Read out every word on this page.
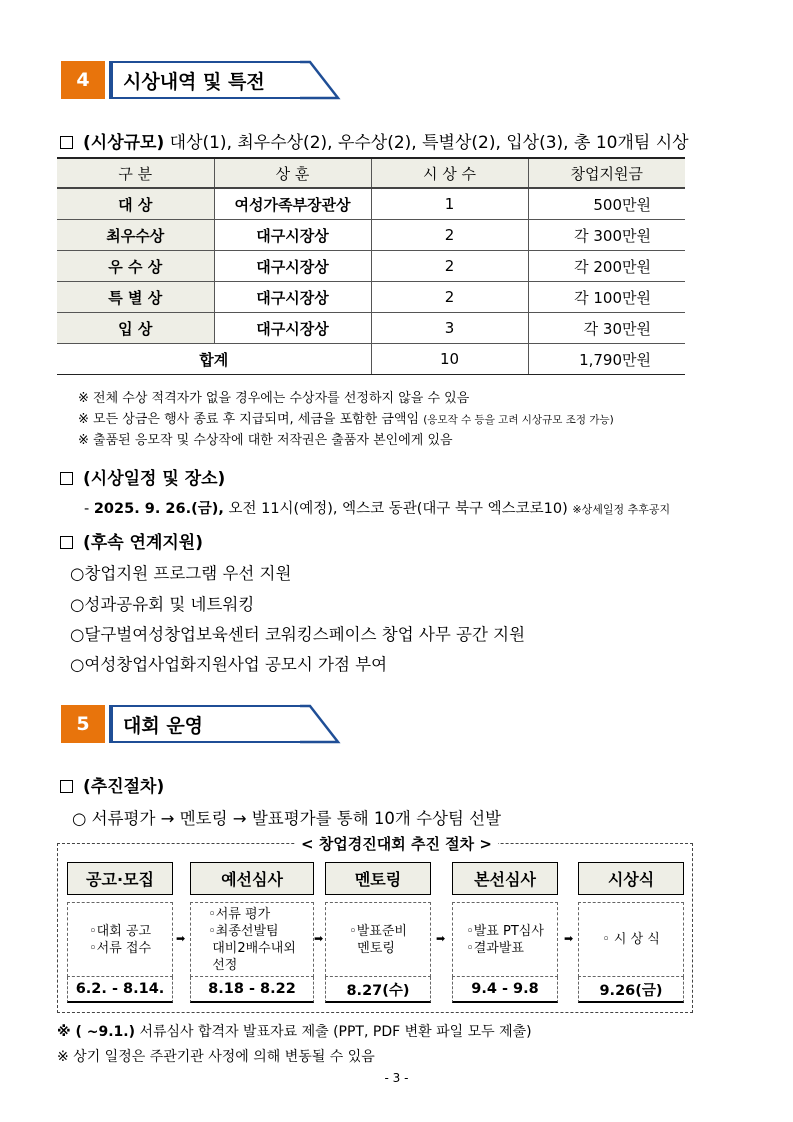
4	시상내역 및 특전
(시상규모) 대상(1), 최우수상(2), 우수상(2), 특별상(2), 입상(3), 총 10개팀 시상
구 분	상 훈	시 상 수	창업지원금
대 상	여성가족부장관상	1	500만원
최우수상	대구시장상	2	각 300만원
우 수 상	대구시장상	2	각 200만원
특 별 상	대구시장상	2	각 100만원
입 상	대구시장상	3	각 30만원
합계		10	1,790만원
※ 전체 수상 적격자가 없을 경우에는 수상자를 선정하지 않을 수 있음
※ 모든 상금은 행사 종료 후 지급되며, 세금을 포함한 금액임 (응모작 수 등을 고려 시상규모 조정 가능)
※ 출품된 응모작 및 수상작에 대한 저작권은 출품자 본인에게 있음
(시상일정 및 장소)
- 2025. 9. 26.(금), 오전 11시(예정), 엑스코 동관(대구 북구 엑스코로10) ※상세일정 추후공지
(후속 연계지원)
○창업지원 프로그램 우선 지원
○성과공유회 및 네트워킹
○달구벌여성창업보육센터 코워킹스페이스 창업 사무 공간 지원
○여성창업사업화지원사업 공모시 가점 부여
5	대회 운영
(추진절차)
○ 서류평가 → 멘토링 → 발표평가를 통해 10개 수상팀 선발
< 창업경진대회 추진 절차 >
공고·모집
◦대회 공고
◦서류 접수
6.2. - 8.14.
예선심사
◦서류 평가
◦최종선발팀
대비2배수내외
선정
8.18 - 8.22
멘토링
◦발표준비
멘토링
8.27(수)
본선심사
◦발표 PT심사
◦결과발표
9.4 - 9.8
시상식
◦ 시 상 식
9.26(금)
➡	➡	➡	➡
※ ( ~9.1.) 서류심사 합격자 발표자료 제출 (PPT, PDF 변환 파일 모두 제출)
※ 상기 일정은 주관기관 사정에 의해 변동될 수 있음
- 3 -
